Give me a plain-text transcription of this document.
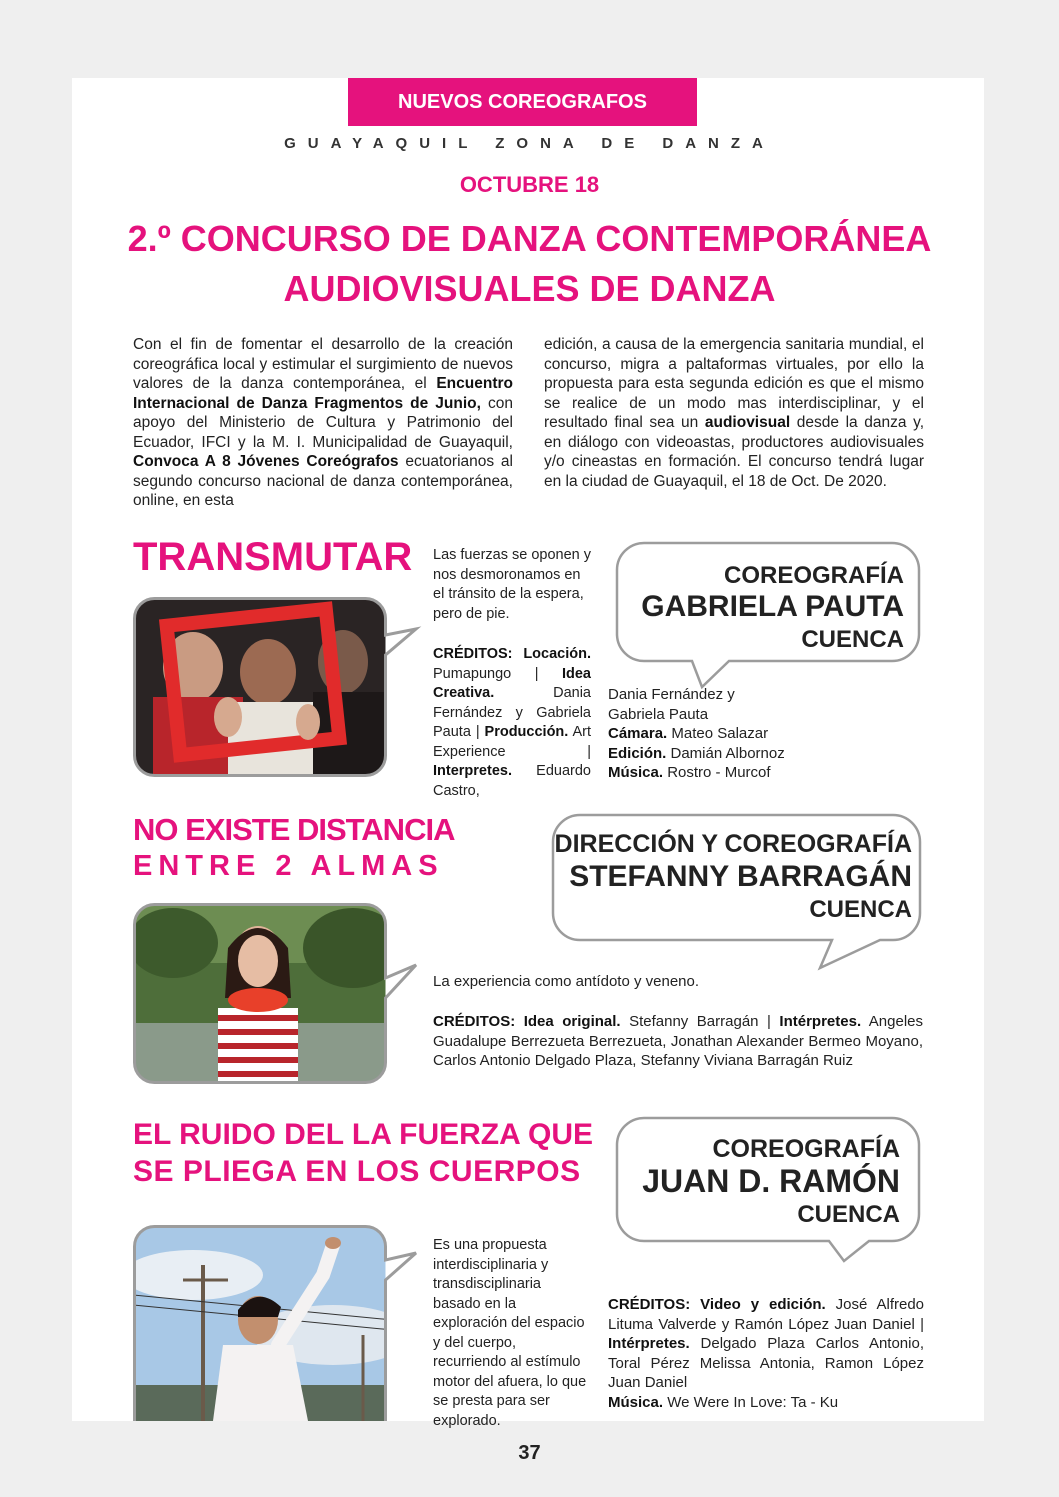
NUEVOS COREOGRAFOS
GUAYAQUIL ZONA DE DANZA
OCTUBRE 18
2.º CONCURSO DE DANZA CONTEMPORÁNEA
AUDIOVISUALES DE DANZA
Con el fin de fomentar el desarrollo de la creación coreográfica local y estimular el surgimiento de nuevos valores de la danza contemporánea, el Encuentro Internacional de Danza Fragmentos de Junio, con apoyo del Ministerio de Cultura y Patrimonio del Ecuador, IFCI y la M. I. Municipalidad de Guayaquil, Convoca A 8 Jóvenes Coreógrafos ecuatorianos al segundo concurso nacional de danza contemporánea, online, en esta
edición, a causa de la emergencia sanitaria mundial, el concurso, migra a paltaformas virtuales, por ello la propuesta para esta segunda edición es que el mismo se realice de un modo mas interdisciplinar, y el resultado final sea un audiovisual desde la danza y, en diálogo con videoastas, productores audiovisuales y/o cineastas en formación. El concurso tendrá lugar en la ciudad de Guayaquil, el 18 de Oct. De 2020.
TRANSMUTAR Las fuerzas se oponen y nos desmoronamos en el tránsito de la espera, pero de pie.
CRÉDITOS: Locación. Pumapungo | Idea Creativa. Dania Fernández y Gabriela Pauta | Producción. Art Experience | Interpretes. Eduardo Castro,
COREOGRAFÍA
GABRIELA PAUTA
CUENCA
Dania Fernández y
Gabriela Pauta
Cámara. Mateo Salazar
Edición. Damián Albornoz
Música. Rostro - Murcof
NO EXISTE DISTANCIA
ENTRE 2 ALMAS
DIRECCIÓN Y COREOGRAFÍA
STEFANNY BARRAGÁN
CUENCA
La experiencia como antídoto y veneno.
CRÉDITOS: Idea original. Stefanny Barragán | Intérpretes. Angeles Guadalupe Berrezueta Berrezueta, Jonathan Alexander Bermeo Moyano, Carlos Antonio Delgado Plaza, Stefanny Viviana Barragán Ruiz
EL RUIDO DEL LA FUERZA QUE
SE PLIEGA EN LOS CUERPOS
Es una propuesta interdisciplinaria y transdisciplinaria basado en la exploración del espacio y del cuerpo, recurriendo al estímulo motor del afuera, lo que se presta para ser explorado.
COREOGRAFÍA
JUAN D. RAMÓN
CUENCA
CRÉDITOS: Video y edición. José Alfredo Lituma Valverde y Ramón López Juan Daniel | Intérpretes. Delgado Plaza Carlos Antonio, Toral Pérez Melissa Antonia, Ramon López Juan Daniel
Música. We Were In Love: Ta - Ku
37
